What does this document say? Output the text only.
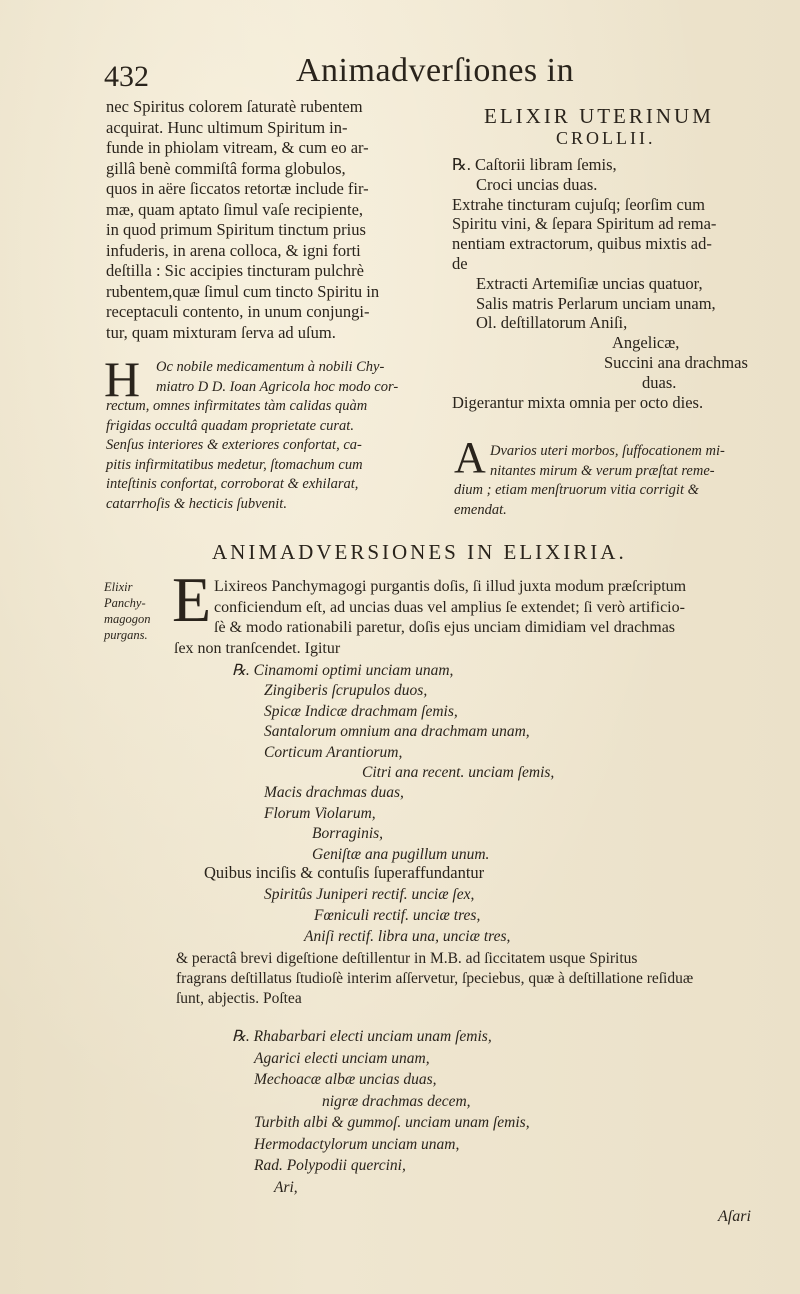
432	Animadverſiones in
nec Spiritus colorem ſaturatè rubentem
acquirat. Hunc ultimum Spiritum in-
funde in phiolam vitream, & cum eo ar-
gillâ benè commiſtâ forma globulos,
quos in aëre ſiccatos retortæ include fir-
mæ, quam aptato ſimul vaſe recipiente,
in quod primum Spiritum tinctum prius
infuderis, in arena colloca, & igni forti
deſtilla : Sic accipies tincturam pulchrè
rubentem,quæ ſimul cum tincto Spiritu in
receptaculi contento, in unum conjungi-
tur, quam mixturam ſerva ad uſum.
H Oc nobile medicamentum à nobili Chy-
miatro D D. Ioan Agricola hoc modo cor-
rectum, omnes infirmitates tàm calidas quàm
frigidas occultâ quadam proprietate curat.
Senſus interiores & exteriores confortat, ca-
pitis infirmitatibus medetur, ſtomachum cum
inteſtinis confortat, corroborat & exhilarat,
catarrhoſis & hecticis ſubvenit.
ELIXIR UTERINUM
CROLLII.
℞. Caſtorii libram ſemis,
Croci uncias duas.
Extrahe tincturam cujuſq; ſeorſim cum
Spiritu vini, & ſepara Spiritum ad rema-
nentiam extractorum, quibus mixtis ad-
de
Extracti Artemiſiæ uncias quatuor,
Salis matris Perlarum unciam unam,
Ol. deſtillatorum Aniſi,
Angelicæ,
Succini ana drachmas
duas.
Digerantur mixta omnia per octo dies.
A Dvarios uteri morbos, ſuffocationem mi-
nitantes mirum & verum præſtat reme-
dium ; etiam menſtruorum vitia corrigit &
emendat.
ANIMADVERSIONES IN ELIXIRIA.
Elixir
Panchy-
magogon
purgans. E Lixireos Panchymagogi purgantis doſis, ſi illud juxta modum præſcriptum
conficiendum eſt, ad uncias duas vel amplius ſe extendet; ſi verò artificio-
ſè & modo rationabili paretur, doſis ejus unciam dimidiam vel drachmas
ſex non tranſcendet. Igitur
℞. Cinamomi optimi unciam unam,
Zingiberis ſcrupulos duos,
Spicæ Indicæ drachmam ſemis,
Santalorum omnium ana drachmam unam,
Corticum Arantiorum,
Citri ana recent. unciam ſemis,
Macis drachmas duas,
Florum Violarum,
Borraginis,
Geniſtæ ana pugillum unum.
Quibus inciſis & contuſis ſuperaffundantur
Spiritûs Juniperi rectif. unciæ ſex,
Fœniculi rectif. unciæ tres,
Aniſi rectif. libra una, unciæ tres,
& peractâ brevi digeſtione deſtillentur in M.B. ad ſiccitatem usque Spiritus
fragrans deſtillatus ſtudioſè interim aſſervetur, ſpeciebus, quæ à deſtillatione reſiduæ
ſunt, abjectis. Poſtea
℞. Rhabarbari electi unciam unam ſemis,
Agarici electi unciam unam,
Mechoacæ albæ uncias duas,
nigræ drachmas decem,
Turbith albi & gummoſ. unciam unam ſemis,
Hermodactylorum unciam unam,
Rad. Polypodii quercini,
Ari,
Aſari
